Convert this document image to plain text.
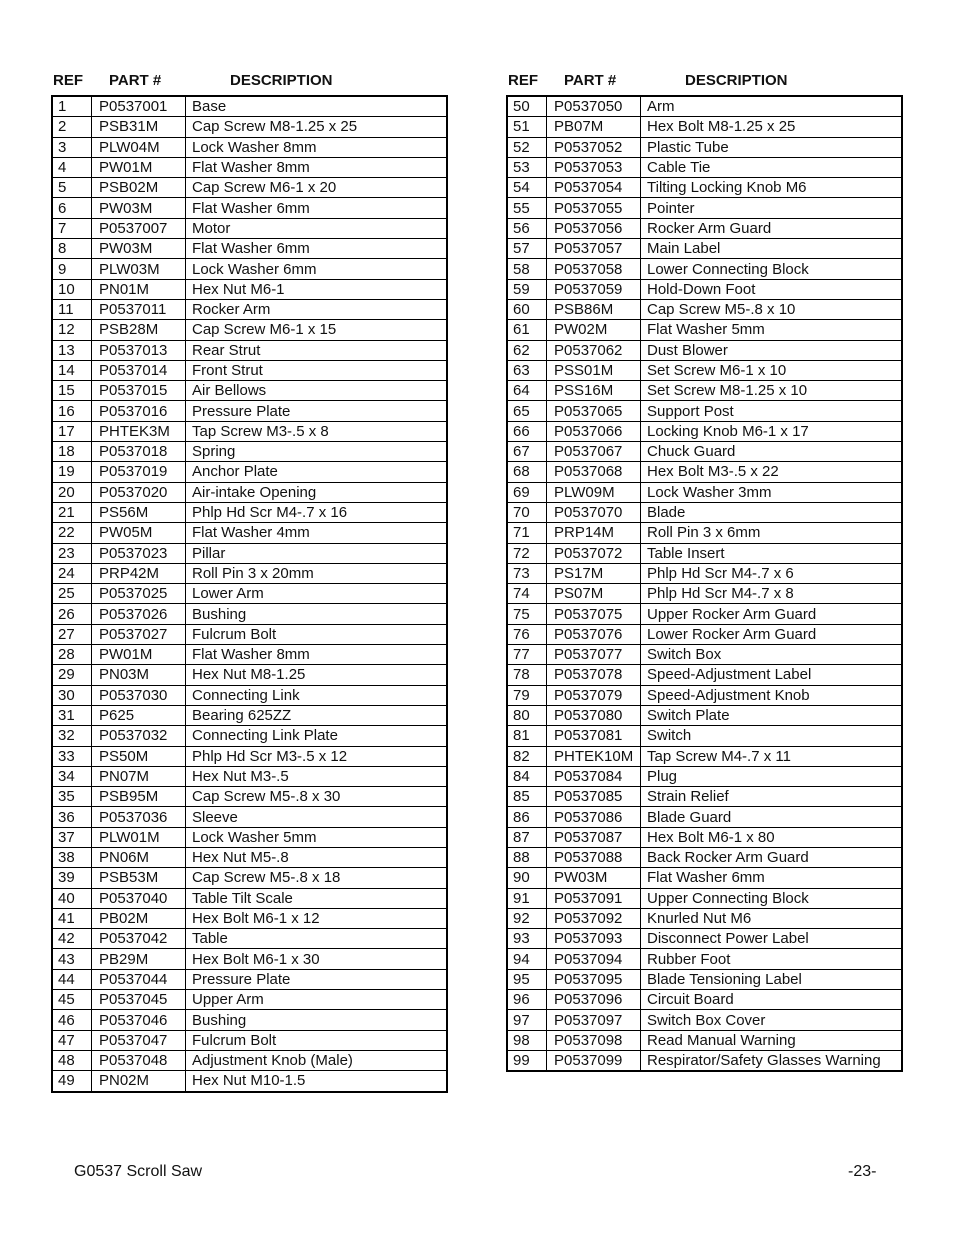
REF PART #	DESCRIPTION
1	P0537001	Base
2	PSB31M	Cap Screw M8-1.25 x 25
3	PLW04M	Lock Washer 8mm
4	PW01M	Flat Washer 8mm
5	PSB02M	Cap Screw M6-1 x 20
6	PW03M	Flat Washer 6mm
7	P0537007	Motor
8	PW03M	Flat Washer 6mm
9	PLW03M	Lock Washer 6mm
10	PN01M	Hex Nut M6-1
11	P0537011	Rocker Arm
12	PSB28M	Cap Screw M6-1 x 15
13	P0537013	Rear Strut
14	P0537014	Front Strut
15	P0537015	Air Bellows
16	P0537016	Pressure Plate
17	PHTEK3M	Tap Screw M3-.5 x 8
18	P0537018	Spring
19	P0537019	Anchor Plate
20	P0537020	Air-intake Opening
21	PS56M	Phlp Hd Scr M4-.7 x 16
22	PW05M	Flat Washer 4mm
23	P0537023	Pillar
24	PRP42M	Roll Pin 3 x 20mm
25	P0537025	Lower Arm
26	P0537026	Bushing
27	P0537027	Fulcrum Bolt
28	PW01M	Flat Washer 8mm
29	PN03M	Hex Nut M8-1.25
30	P0537030	Connecting Link
31	P625	Bearing 625ZZ
32	P0537032	Connecting Link Plate
33	PS50M	Phlp Hd Scr M3-.5 x 12
34	PN07M	Hex Nut M3-.5
35	PSB95M	Cap Screw M5-.8 x 30
36	P0537036	Sleeve
37	PLW01M	Lock Washer 5mm
38	PN06M	Hex Nut M5-.8
39	PSB53M	Cap Screw M5-.8 x 18
40	P0537040	Table Tilt Scale
41	PB02M	Hex Bolt M6-1 x 12
42	P0537042	Table
43	PB29M	Hex Bolt M6-1 x 30
44	P0537044	Pressure Plate
45	P0537045	Upper Arm
46	P0537046	Bushing
47	P0537047	Fulcrum Bolt
48	P0537048	Adjustment Knob (Male)
49	PN02M	Hex Nut M10-1.5
REF PART #	DESCRIPTION
50	P0537050	Arm
51	PB07M	Hex Bolt M8-1.25 x 25
52	P0537052	Plastic Tube
53	P0537053	Cable Tie
54	P0537054	Tilting Locking Knob M6
55	P0537055	Pointer
56	P0537056	Rocker Arm Guard
57	P0537057	Main Label
58	P0537058	Lower Connecting Block
59	P0537059	Hold-Down Foot
60	PSB86M	Cap Screw M5-.8 x 10
61	PW02M	Flat Washer 5mm
62	P0537062	Dust Blower
63	PSS01M	Set Screw M6-1 x 10
64	PSS16M	Set Screw M8-1.25 x 10
65	P0537065	Support Post
66	P0537066	Locking Knob M6-1 x 17
67	P0537067	Chuck Guard
68	P0537068	Hex Bolt M3-.5 x 22
69	PLW09M	Lock Washer 3mm
70	P0537070	Blade
71	PRP14M	Roll Pin 3 x 6mm
72	P0537072	Table Insert
73	PS17M	Phlp Hd Scr M4-.7 x 6
74	PS07M	Phlp Hd Scr M4-.7 x 8
75	P0537075	Upper Rocker Arm Guard
76	P0537076	Lower Rocker Arm Guard
77	P0537077	Switch Box
78	P0537078	Speed-Adjustment Label
79	P0537079	Speed-Adjustment Knob
80	P0537080	Switch Plate
81	P0537081	Switch
82	PHTEK10M	Tap Screw M4-.7 x 11
84	P0537084	Plug
85	P0537085	Strain Relief
86	P0537086	Blade Guard
87	P0537087	Hex Bolt M6-1 x 80
88	P0537088	Back Rocker Arm Guard
90	PW03M	Flat Washer 6mm
91	P0537091	Upper Connecting Block
92	P0537092	Knurled Nut M6
93	P0537093	Disconnect Power Label
94	P0537094	Rubber Foot
95	P0537095	Blade Tensioning Label
96	P0537096	Circuit Board
97	P0537097	Switch Box Cover
98	P0537098	Read Manual Warning
99	P0537099	Respirator/Safety Glasses Warning
G0537 Scroll Saw	-23-
